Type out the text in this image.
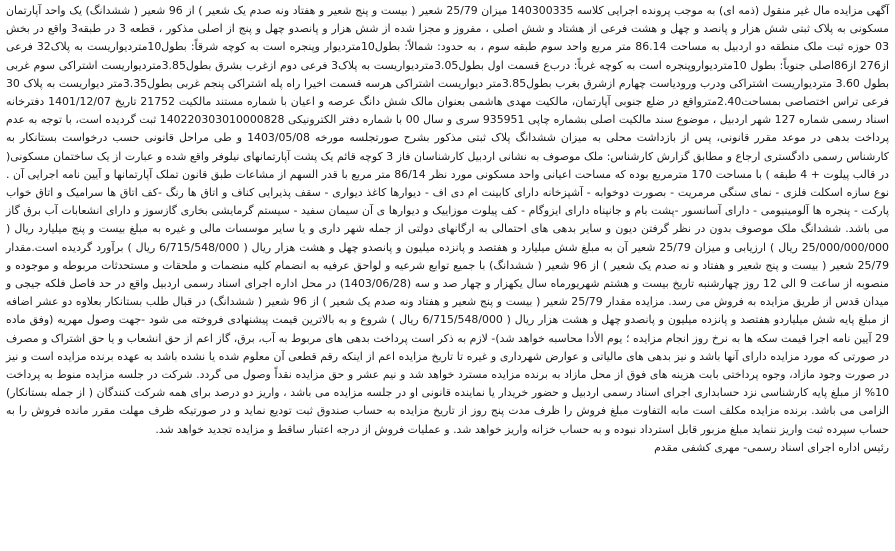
آگهی مزایده مال غیر منقول (ذمه ای) به موجب پرونده اجرایی کلاسه 140300335 میزان 25/79 شعیر ( بیست و پنج شعیر و هفتاد ونه صدم یک شعیر ) از 96 شعیر ( ششدانگ) یک واحد آپارتمان مسکونی به پلاک ثبتی شش هزار و پانصد و چهل و هشت فرعی از هشتاد و شش اصلی ، مفروز و مجزا شده از شش هزار و پانصدو چهل و پنج از اصلی مذکور ، قطعه 3 در طبقه3 واقع در بخش 03 حوزه ثبت ملک منطقه دو اردبیل به مساحت 86.14 متر مربع واحد سوم طبقه سوم ، به حدود: شمالاً: بطول10متردیوار وپنجره است به کوچه شرقاً: بطول10متردیواریست به پلاک32 فرعی از276 از86اصلی جنوباً: بطول 10متردیواروپنجره است به کوچه غرباً: درب‌ع قسمت اول بطول3.05متردیواریست به پلاک3 فرعی دوم ازغرب بشرق بطول3.85متردیواریست اشتراکی سوم غربی بطول 3.60 متردیواریست اشتراکی ودرب ورودیاست چهارم ازشرق بغرب بطول3.85متر دیواریست اشتراکی هرسه قسمت اخیرا راه پله اشتراکی پنجم غربی بطول3.35متر دیواریست به پلاک 30 فرعی تراس اختصاصی بمساحت2.40مترواقع در ضلع جنوبی آپارتمان، مالکیت مهدی هاشمی بعنوان مالک شش دانگ عرصه و اعیان با شماره مستند مالکیت 21752 تاریخ 1401/12/07 دفترخانه اسناد رسمی شماره 127 شهر اردبیل ، موضوع سند مالکیت اصلی بشماره چاپی 935951 سری و سال 00 با شماره دفتر الکترونیکی 140220303010000828 ثبت گردیده است، با توجه به عدم پرداخت بدهی در موعد مقرر قانونی، پس از بازداشت محلی به میزان ششدانگ پلاک ثبتی مذکور بشرح صورتجلسه مورخه 1403/05/08 و طی مراحل قانونی حسب درخواست بستانکار به کارشناس رسمی دادگستری ارجاع و مطابق گزارش کارشناس: ملک موصوف به نشانی اردبیل کارشناسان فاز 3 کوچه قائم یک پشت آپارتمانهای نیلوفر واقع شده و عبارت از یک ساختمان مسکونی( در قالب پیلوت + 4 طبقه ) با مساحت 170 مترمربع بوده که مساحت اعیانی واحد مسکونی مورد نظر 86/14 متر مربع با قدر السهم از مشاعات طبق قانون تملک آپارتمانها و آیین نامه اجرایی آن . نوع سازه اسکلت فلزی - نمای سنگی مرمریت - بصورت دوخوابه - آشپزخانه دارای کابینت ام دی اف - دیوارها کاغذ دیواری - سقف پذیرایی کناف و اتاق ها رنگ -کف اتاق ها سرامیک و اتاق خواب پارکت - پنجره ها آلومینیومی - دارای آسانسور -پشت بام و جانپناه دارای ایزوگام - کف پیلوت موزاییک و دیوارها ی آن سیمان سفید - سیستم گرمایشی بخاری گازسوز و دارای انشعابات آب برق گاز می باشد. ششدانگ ملک موصوف بدون در نظر گرفتن دیون و سایر بدهی های احتمالی به ارگانهای دولتی از جمله شهر داری و یا سایر موسسات مالی و غیره به مبلغ بیست و پنج میلیارد ریال ( 25/000/000/000 ریال ) ارزیابی و میزان 25/79 شعیر آن به مبلغ شش میلیارد و هفتصد و پانزده میلیون و پانصدو چهل و هشت هزار ریال ( 6/715/548/000 ریال ) برآورد گردیده است.مقدار 25/79 شعیر ( بیست و پنج شعیر و هفتاد و نه صدم یک شعیر ) از 96 شعیر ( ششدانگ) با جمیع توابع شرعیه و لواحق عرفیه به انضمام کلیه منضمات و ملحقات و مستحدثات مربوطه و موجوده و منصوبه از ساعت 9 الی 12 روز چهارشنبه تاریخ بیست و هشتم شهریورماه سال یکهزار و چهار صد و سه (1403/06/28) در محل اداره اجرای اسناد رسمی اردبیل واقع در حد فاصل فلکه جیجی و میدان قدس از طریق مزایده به فروش می رسد. مزایده مقدار 25/79 شعیر ( بیست و پنج شعیر و هفتاد ونه صدم یک شعیر ) از 96 شعیر ( ششدانگ) در قبال طلب بستانکار بعلاوه دو عشر اضافه از مبلغ پایه شش میلیاردو هفتصد و پانزده میلیون و پانصدو چهل و هشت هزار ریال ( 6/715/548/000 ریال ) شروع و به بالاترین قیمت پیشنهادی فروخته می شود -جهت وصول مهریه (وفق ماده 29 آیین نامه اجرا قیمت سکه ها به نرخ روز انجام مزایده ؛ یوم الأدا محاسبه خواهد شد)- لازم به ذکر است پرداخت بدهی های مربوط به آب، برق، گاز اعم از حق انشعاب و یا حق اشتراک و مصرف در صورتی که مورد مزایده دارای آنها باشد و نیز بدهی های مالیاتی و عوارض شهرداری و غیره تا تاریخ مزایده اعم از اینکه رقم قطعی آن معلوم شده یا نشده باشد به عهده برنده مزایده است و نیز در صورت وجود مازاد، وجوه پرداختی بابت هزینه های فوق از محل مازاد به برنده مزایده مسترد خواهد شد و نیم عشر و حق مزایده نقداً وصول می گردد. شرکت در جلسه مزایده منوط به پرداخت 10% از مبلغ پایه کارشناسی نزد حسابداری اجرای اسناد رسمی اردبیل و حضور خریدار یا نماینده قانونی او در جلسه مزایده می باشد ، واریز دو درصد برای همه شرکت کنندگان ( از جمله بستانکار) الزامی می باشد. برنده مزایده مکلف است مابه التفاوت مبلغ فروش را ظرف مدت پنج روز از تاریخ مزایده به حساب صندوق ثبت تودیع نماید و در صورتیکه ظرف مهلت مقرر مانده فروش را به حساب سپرده ثبت واریز ننماید مبلغ مزبور قابل استرداد نبوده و به حساب خزانه واریز خواهد شد. و عملیات فروش از درجه اعتبار ساقط و مزایده تجدید خواهد شد.

رئیس اداره اجرای اسناد رسمی- مهری کشفی مقدم
